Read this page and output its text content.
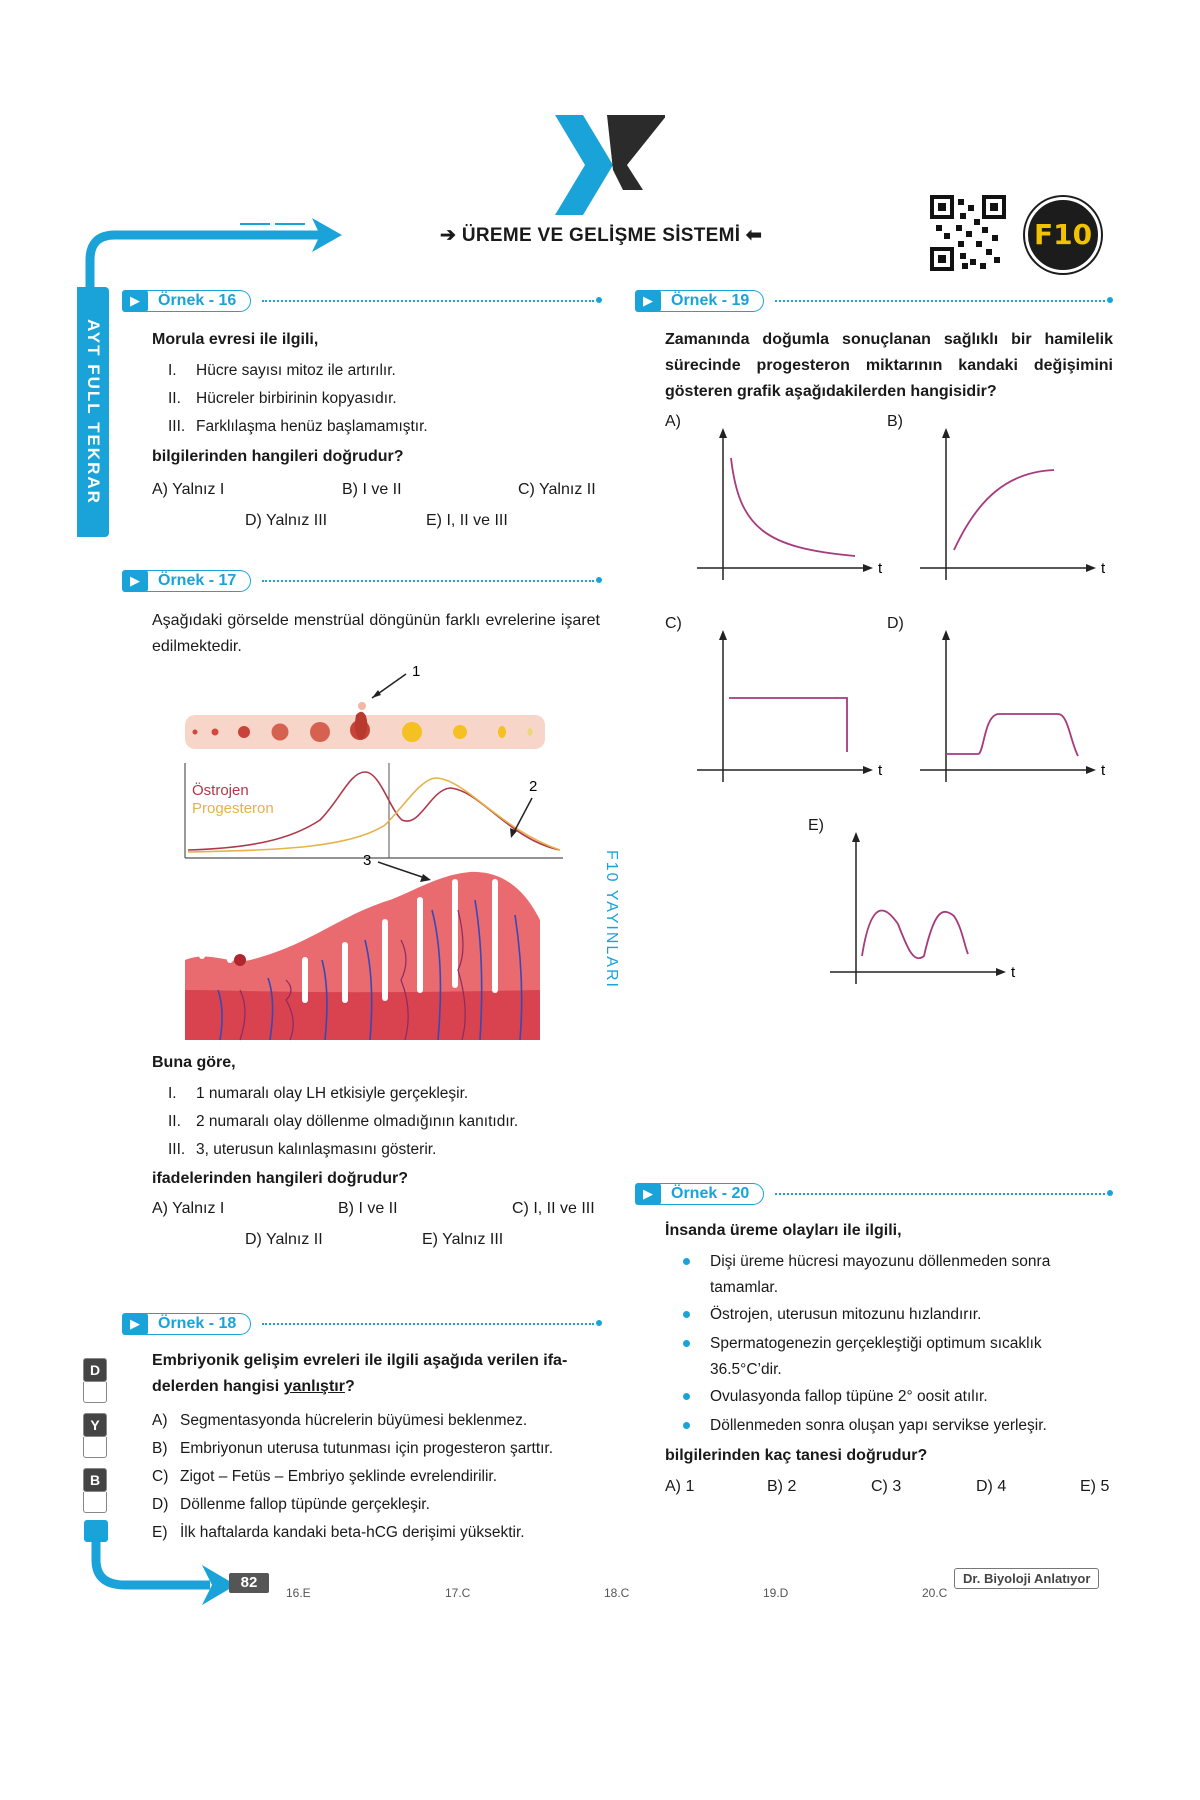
➔ ÜREME VE GELİŞME SİSTEMİ ⬅	F10
AYT FULL TEKRAR
F10 YAYINLARI
▶	Örnek - 16
Morula evresi ile ilgili,
I. Hücre sayısı mitoz ile artırılır.
II. Hücreler birbirinin kopyasıdır.
III. Farklılaşma henüz başlamamıştır.
bilgilerinden hangileri doğrudur?
A) Yalnız I	B) I ve II	C) Yalnız II
D) Yalnız III	E) I, II ve III
▶	Örnek - 17
Aşağıdaki görselde menstrüal döngünün farklı evrelerine işaret edilmektedir.
1
Östrojen
Progesteron
2
3
Buna göre,
I. 1 numaralı olay LH etkisiyle gerçekleşir.
II. 2 numaralı olay döllenme olmadığının kanıtıdır.
III. 3, uterusun kalınlaşmasını gösterir.
ifadelerinden hangileri doğrudur?
A) Yalnız I	B) I ve II	C) I, II ve III
D) Yalnız II	E) Yalnız III
▶	Örnek - 18
Embriyonik gelişim evreleri ile ilgili aşağıda verilen ifa-
delerden hangisi yanlıştır?
A) Segmentasyonda hücrelerin büyümesi beklenmez.
B) Embriyonun uterusa tutunması için progesteron şarttır.
C) Zigot – Fetüs – Embriyo şeklinde evrelendirilir.
D) Döllenme fallop tüpünde gerçekleşir.
E) İlk haftalarda kandaki beta-hCG derişimi yüksektir.
D
Y
B
▶	Örnek - 19
Zamanında doğumla sonuçlanan sağlıklı bir hamilelik sürecinde progesteron miktarının kandaki değişimini gösteren grafik aşağıdakilerden hangisidir?
A)	B)
C)	D)
E)
t	t
t	t
t
▶	Örnek - 20
İnsanda üreme olayları ile ilgili,
Dişi üreme hücresi mayozunu döllenmeden sonra tamamlar.
Östrojen, uterusun mitozunu hızlandırır.
Spermatogenezin gerçekleştiği optimum sıcaklık 36.5°C’dir.
Ovulasyonda fallop tüpüne 2° oosit atılır.
Döllenmeden sonra oluşan yapı servikse yerleşir.
bilgilerinden kaç tanesi doğrudur?
A) 1	B) 2	C) 3	D) 4	E) 5
82
16.E	17.C	18.C	19.D	20.C
Dr. Biyoloji Anlatıyor
